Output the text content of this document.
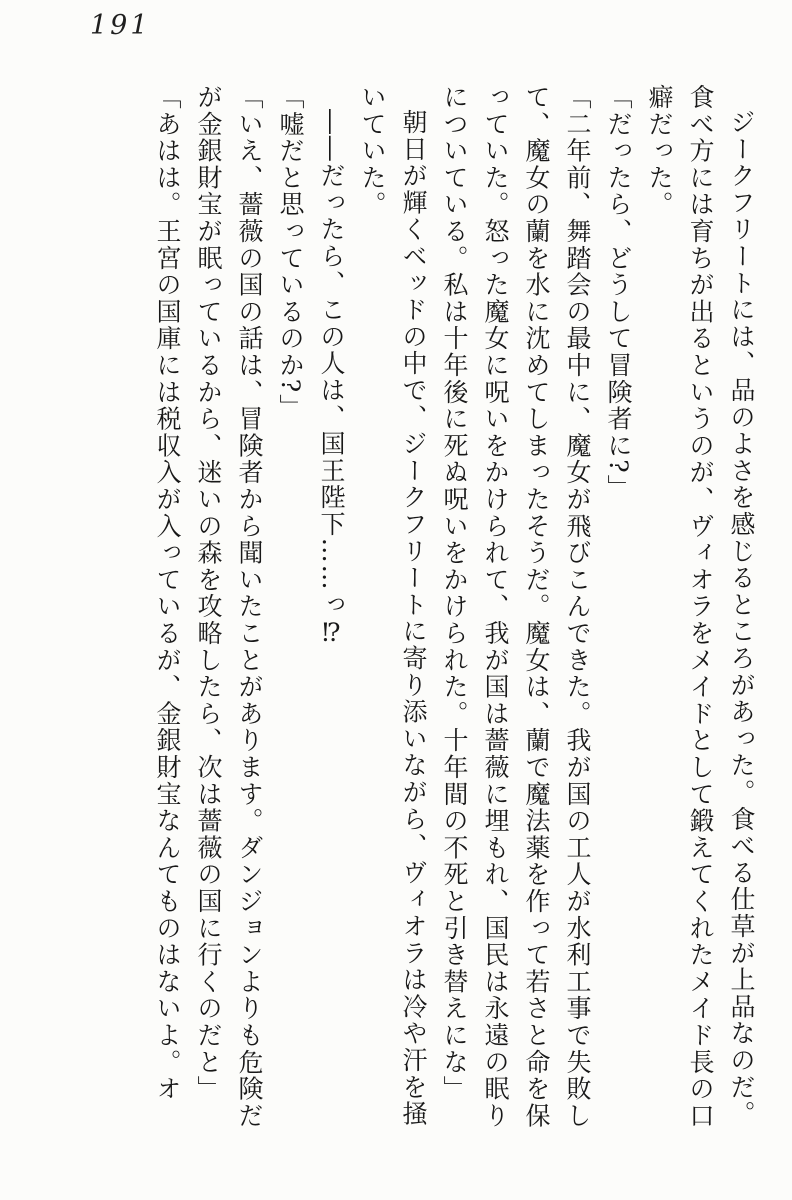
191

ジークフリートには、品のよさを感じるところがあった。食べる仕草が上品なのだ。食べ方には育ちが出るというのが、ヴィオラをメイドとして鍛えてくれたメイド長の口癖だった。

「だったら、どうして冒険者に?」

「二年前、舞踏会の最中に、魔女が飛びこんできた。我が国の工人が水利工事で失敗して、魔女の蘭を水に沈めてしまったそうだ。魔女は、蘭で魔法薬を作って若さと命を保っていた。怒った魔女に呪いをかけられて、我が国は薔薇に埋もれ、国民は永遠の眠りについている。私は十年後に死ぬ呪いをかけられた。十年間の不死と引き替えにな」

朝日が輝くベッドの中で、ジークフリートに寄り添いながら、ヴィオラは冷や汗を掻いていた。

――だったら、この人は、国王陛下……っ⁉

「嘘だと思っているのか?」

「いえ、薔薇の国の話は、冒険者から聞いたことがあります。ダンジョンよりも危険だが金銀財宝が眠っているから、迷いの森を攻略したら、次は薔薇の国に行くのだと」

「あはは。王宮の国庫には税収入が入っているが、金銀財宝なんてものはないよ。オ
